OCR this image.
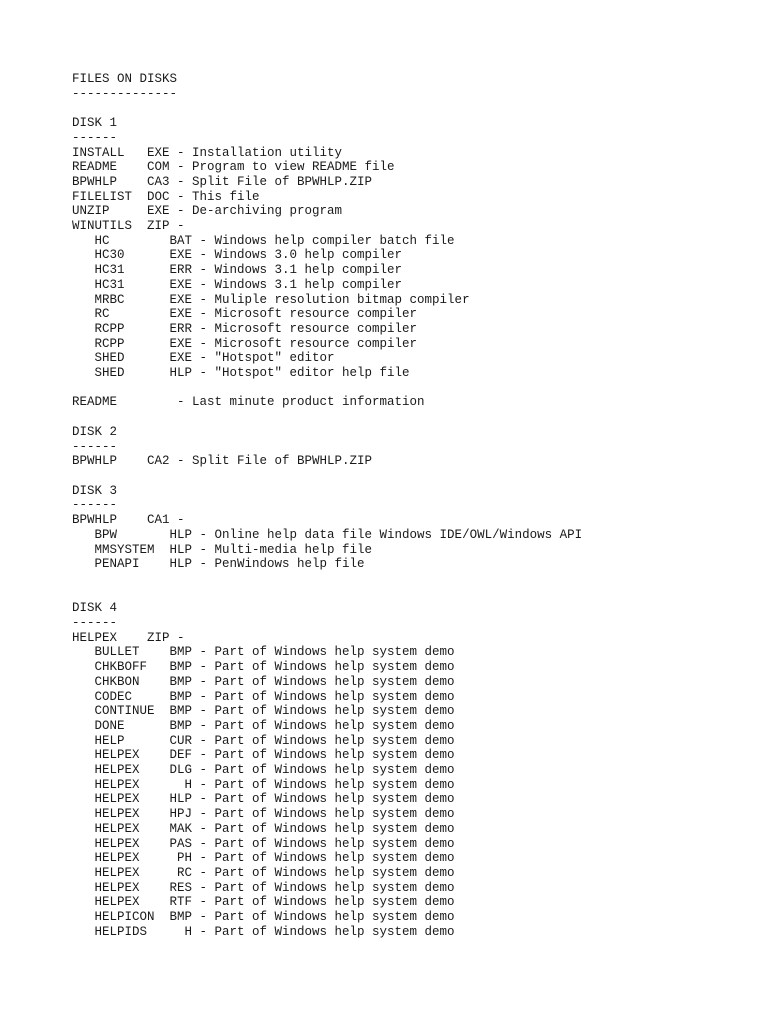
FILES ON DISKS
--------------

DISK 1
------
INSTALL   EXE - Installation utility
README    COM - Program to view README file
BPWHLP    CA3 - Split File of BPWHLP.ZIP
FILELIST  DOC - This file
UNZIP     EXE - De-archiving program
WINUTILS  ZIP -
HC        BAT - Windows help compiler batch file
HC30      EXE - Windows 3.0 help compiler
HC31      ERR - Windows 3.1 help compiler
HC31      EXE - Windows 3.1 help compiler
MRBC      EXE - Muliple resolution bitmap compiler
RC        EXE - Microsoft resource compiler
RCPP      ERR - Microsoft resource compiler
RCPP      EXE - Microsoft resource compiler
SHED      EXE - "Hotspot" editor
SHED      HLP - "Hotspot" editor help file

README        - Last minute product information

DISK 2
------
BPWHLP    CA2 - Split File of BPWHLP.ZIP

DISK 3
------
BPWHLP    CA1 -
BPW       HLP - Online help data file Windows IDE/OWL/Windows API
MMSYSTEM  HLP - Multi-media help file
PENAPI    HLP - PenWindows help file

DISK 4
------
HELPEX    ZIP -
BULLET    BMP - Part of Windows help system demo
CHKBOFF   BMP - Part of Windows help system demo
CHKBON    BMP - Part of Windows help system demo
CODEC     BMP - Part of Windows help system demo
CONTINUE  BMP - Part of Windows help system demo
DONE      BMP - Part of Windows help system demo
HELP      CUR - Part of Windows help system demo
HELPEX    DEF - Part of Windows help system demo
HELPEX    DLG - Part of Windows help system demo
HELPEX      H - Part of Windows help system demo
HELPEX    HLP - Part of Windows help system demo
HELPEX    HPJ - Part of Windows help system demo
HELPEX    MAK - Part of Windows help system demo
HELPEX    PAS - Part of Windows help system demo
HELPEX     PH - Part of Windows help system demo
HELPEX     RC - Part of Windows help system demo
HELPEX    RES - Part of Windows help system demo
HELPEX    RTF - Part of Windows help system demo
HELPICON  BMP - Part of Windows help system demo
HELPIDS     H - Part of Windows help system demo
